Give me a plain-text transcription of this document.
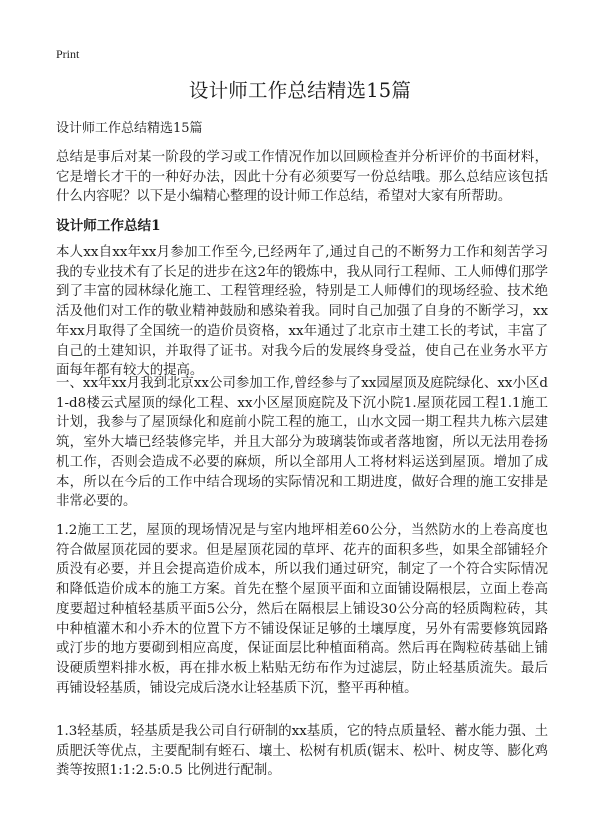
Print
设计师工作总结精选15篇
设计师工作总结精选15篇

总结是事后对某一阶段的学习或工作情况作加以回顾检查并分析评价的书面材料，它是增长才干的一种好办法，因此十分有必须要写一份总结哦。那么总结应该包括什么内容呢？以下是小编精心整理的设计师工作总结，希望对大家有所帮助。

设计师工作总结1

本人xx自xx年xx月参加工作至今,已经两年了,通过自己的不断努力工作和刻苦学习我的专业技术有了长足的进步在这2年的锻炼中，我从同行工程师、工人师傅们那学到了丰富的园林绿化施工、工程管理经验，特别是工人师傅们的现场经验、技术绝活及他们对工作的敬业精神鼓励和感染着我。同时自己加强了自身的不断学习，xx年xx月取得了全国统一的造价员资格，xx年通过了北京市土建工长的考试，丰富了自己的土建知识，并取得了证书。对我今后的发展终身受益，使自己在业务水平方面每年都有较大的提高。

一、xx年xx月我到北京xx公司参加工作,曾经参与了xx园屋顶及庭院绿化、xx小区d1-d8楼云式屋顶的绿化工程、xx小区屋顶庭院及下沉小院1.屋顶花园工程1.1施工计划，我参与了屋顶绿化和庭前小院工程的施工，山水文园一期工程共九栋六层建筑，室外大墙已经装修完毕，并且大部分为玻璃装饰或者落地窗，所以无法用卷扬机工作，否则会造成不必要的麻烦，所以全部用人工将材料运送到屋顶。增加了成本，所以在今后的工作中结合现场的实际情况和工期进度，做好合理的施工安排是非常必要的。

1.2施工工艺，屋顶的现场情况是与室内地坪相差60公分，当然防水的上卷高度也符合做屋顶花园的要求。但是屋顶花园的草坪、花卉的面积多些，如果全部铺轻介质没有必要，并且会提高造价成本，所以我们通过研究，制定了一个符合实际情况和降低造价成本的施工方案。首先在整个屋顶平面和立面铺设隔根层，立面上卷高度要超过种植轻基质平面5公分，然后在隔根层上铺设30公分高的轻质陶粒砖，其中种植灌木和小乔木的位置下方不铺设保证足够的土壤厚度，另外有需要修筑园路或汀步的地方要砌到相应高度，保证面层比种植面稍高。然后再在陶粒砖基础上铺设硬质塑料排水板，再在排水板上粘贴无纺布作为过滤层，防止轻基质流失。最后再铺设轻基质，铺设完成后浇水让轻基质下沉，整平再种植。

1.3轻基质，轻基质是我公司自行研制的xx基质，它的特点质量轻、蓄水能力强、土质肥沃等优点，主要配制有蛭石、壤土、松树有机质(锯末、松叶、树皮等、膨化鸡粪等按照1:1:2.5:0.5 比例进行配制。
